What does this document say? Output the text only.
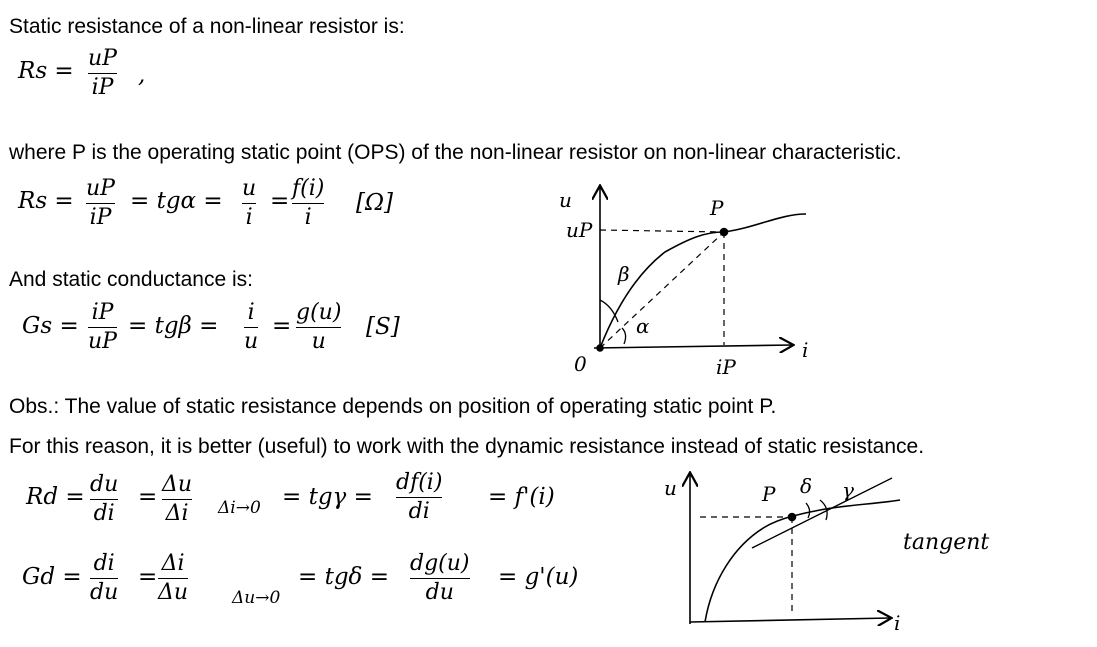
Static resistance of a non-linear resistor is:
where P is the operating static point (OPS) of the non-linear resistor on non-linear characteristic.
And static conductance is:
Obs.: The value of static resistance depends on position of operating static point P.
For this reason, it is better (useful) to work with the dynamic resistance instead of static resistance.
Rs = uP
iP ,
Rs = uP
iP
= tgα = u
i
= f(i)
i
[Ω]
Gs =
iP
uP
= tgβ =
i
u
=
g(u)
u
[S]
Rd = du
di
= Δu
Δi Δi→0 = tgγ =
df(i)
di
= f'(i)
Gd =
di
du
=
Δi
Δu	Δu→0
= tgδ =
dg(u)
du
= g'(u)
u
i
0
P
uP
iP
α
β
u
i
P δ γ
tangent
